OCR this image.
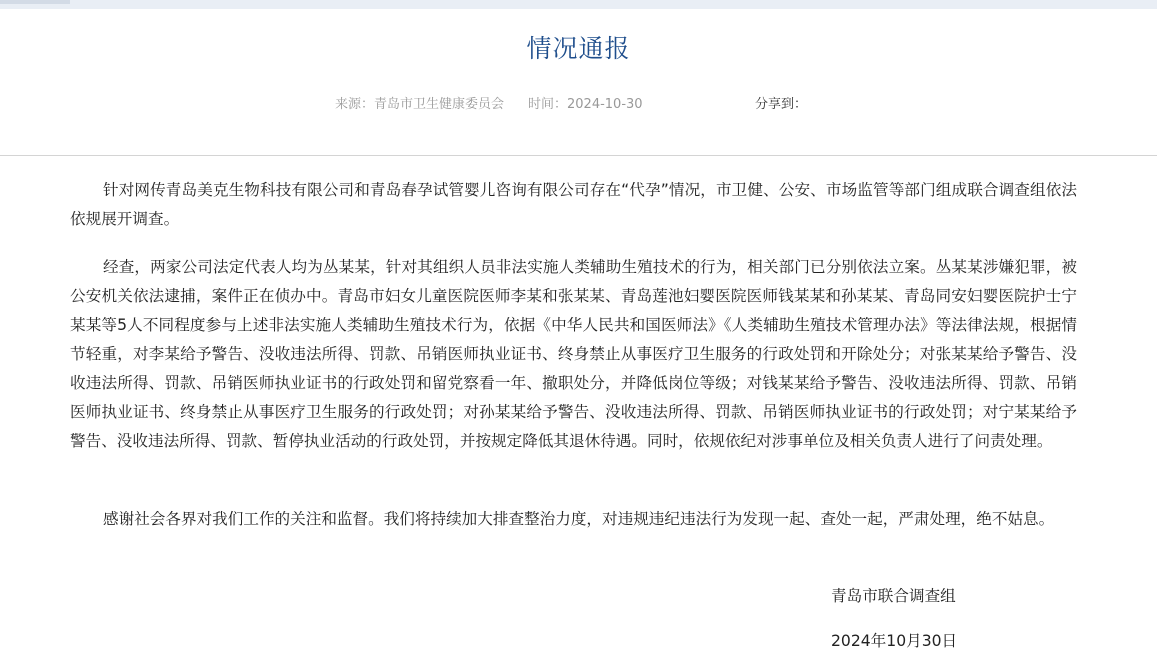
情况通报
来源：青岛市卫生健康委员会 时间：2024-10-30	分享到：

针对网传青岛美克生物科技有限公司和青岛春孕试管婴儿咨询有限公司存在“代孕”情况，市卫健、公安、市场监管等部门组成联合调查组依法依规展开调查。

经查，两家公司法定代表人均为丛某某，针对其组织人员非法实施人类辅助生殖技术的行为，相关部门已分别依法立案。丛某某涉嫌犯罪，被公安机关依法逮捕，案件正在侦办中。青岛市妇女儿童医院医师李某和张某某、青岛莲池妇婴医院医师钱某某和孙某某、青岛同安妇婴医院护士宁某某等5人不同程度参与上述非法实施人类辅助生殖技术行为，依据《中华人民共和国医师法》《人类辅助生殖技术管理办法》等法律法规，根据情节轻重，对李某给予警告、没收违法所得、罚款、吊销医师执业证书、终身禁止从事医疗卫生服务的行政处罚和开除处分；对张某某给予警告、没收违法所得、罚款、吊销医师执业证书的行政处罚和留党察看一年、撤职处分，并降低岗位等级；对钱某某给予警告、没收违法所得、罚款、吊销医师执业证书、终身禁止从事医疗卫生服务的行政处罚；对孙某某给予警告、没收违法所得、罚款、吊销医师执业证书的行政处罚；对宁某某给予警告、没收违法所得、罚款、暂停执业活动的行政处罚，并按规定降低其退休待遇。同时，依规依纪对涉事单位及相关负责人进行了问责处理。

感谢社会各界对我们工作的关注和监督。我们将持续加大排查整治力度，对违规违纪违法行为发现一起、查处一起，严肃处理，绝不姑息。

青岛市联合调查组
2024年10月30日
